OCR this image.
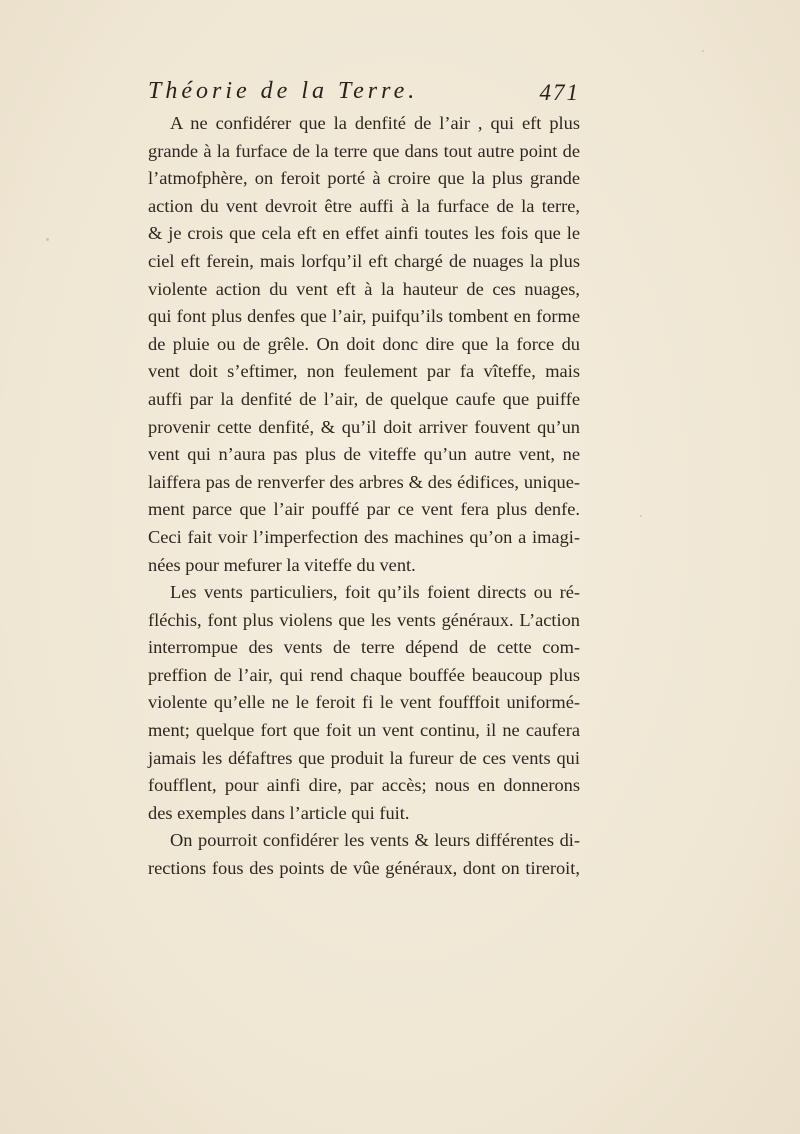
Théorie de la Terre.	471
A ne confidérer que la denfité de l’air , qui eft plus
grande à la furface de la terre que dans tout autre point de
l’atmofphère, on feroit porté à croire que la plus grande
action du vent devroit être auffi à la furface de la terre,
& je crois que cela eft en effet ainfi toutes les fois que le
ciel eft ferein, mais lorfqu’il eft chargé de nuages la plus
violente action du vent eft à la hauteur de ces nuages,
qui font plus denfes que l’air, puifqu’ils tombent en forme
de pluie ou de grêle. On doit donc dire que la force du
vent doit s’eftimer, non feulement par fa vîteffe, mais
auffi par la denfité de l’air, de quelque caufe que puiffe
provenir cette denfité, & qu’il doit arriver fouvent qu’un
vent qui n’aura pas plus de viteffe qu’un autre vent, ne
laiffera pas de renverfer des arbres & des édifices, unique-
ment parce que l’air pouffé par ce vent fera plus denfe.
Ceci fait voir l’imperfection des machines qu’on a imagi-
nées pour mefurer la viteffe du vent.
Les vents particuliers, foit qu’ils foient directs ou ré-
fléchis, font plus violens que les vents généraux. L’action
interrompue des vents de terre dépend de cette com-
preffion de l’air, qui rend chaque bouffée beaucoup plus
violente qu’elle ne le feroit fi le vent foufffoit uniformé-
ment; quelque fort que foit un vent continu, il ne caufera
jamais les défaftres que produit la fureur de ces vents qui
foufflent, pour ainfi dire, par accès; nous en donnerons
des exemples dans l’article qui fuit.
On pourroit confidérer les vents & leurs différentes di-
rections fous des points de vûe généraux, dont on tireroit,
